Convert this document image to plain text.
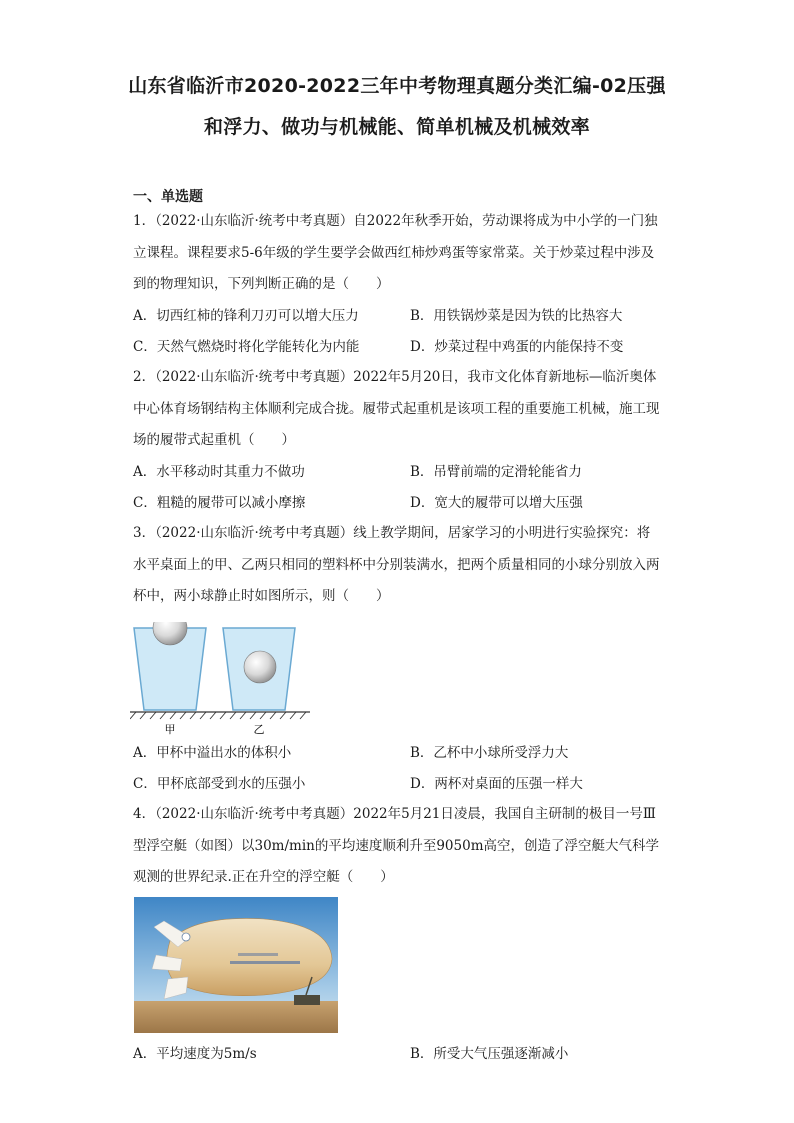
山东省临沂市2020-2022三年中考物理真题分类汇编-02压强和浮力、做功与机械能、简单机械及机械效率
一、单选题
1．（2022·山东临沂·统考中考真题）自2022年秋季开始，劳动课将成为中小学的一门独立课程。课程要求5-6年级的学生要学会做西红柿炒鸡蛋等家常菜。关于炒菜过程中涉及到的物理知识，下列判断正确的是（　　）
A．切西红柿的锋利刀刃可以增大压力	B．用铁锅炒菜是因为铁的比热容大
C．天然气燃烧时将化学能转化为内能	D．炒菜过程中鸡蛋的内能保持不变
2．（2022·山东临沂·统考中考真题）2022年5月20日，我市文化体育新地标—临沂奥体中心体育场钢结构主体顺利完成合拢。履带式起重机是该项工程的重要施工机械，施工现场的履带式起重机（　　）
A．水平移动时其重力不做功	B．吊臂前端的定滑轮能省力
C．粗糙的履带可以减小摩擦	D．宽大的履带可以增大压强
3．（2022·山东临沂·统考中考真题）线上教学期间，居家学习的小明进行实验探究：将水平桌面上的甲、乙两只相同的塑料杯中分别装满水，把两个质量相同的小球分别放入两杯中，两小球静止时如图所示，则（　　）
甲	乙
A．甲杯中溢出水的体积小	B．乙杯中小球所受浮力大
C．甲杯底部受到水的压强小	D．两杯对桌面的压强一样大
4．（2022·山东临沂·统考中考真题）2022年5月21日凌晨，我国自主研制的极目一号Ⅲ型浮空艇（如图）以30m/min的平均速度顺利升至9050m高空，创造了浮空艇大气科学观测的世界纪录.正在升空的浮空艇（　　）
A．平均速度为5m/s	B．所受大气压强逐渐减小
